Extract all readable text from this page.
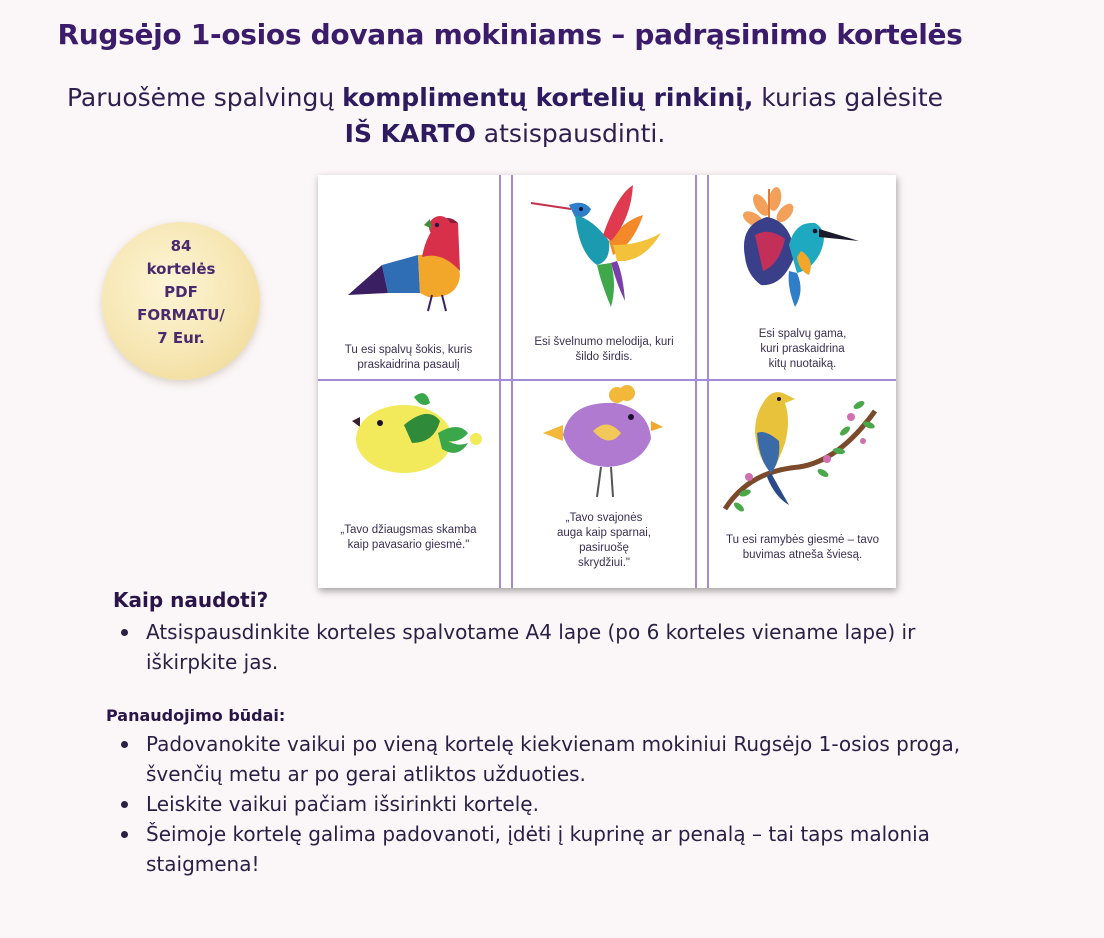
Rugsėjo 1-osios dovana mokiniams – padrąsinimo kortelės
Paruošėme spalvingų komplimentų kortelių rinkinį, kurias galėsite
IŠ KARTO atsispausdinti.
84
kortelės
PDF
FORMATU/
7 Eur.
Tu esi spalvų šokis, kuris
praskaidrina pasaulį
Esi švelnumo melodija, kuri
šildo širdis.
Esi spalvų gama,
kuri praskaidrina
kitų nuotaiką.
„Tavo džiaugsmas skamba
kaip pavasario giesmė."
„Tavo svajonės
auga kaip sparnai,
pasiruošę
skrydžiui."
Tu esi ramybės giesmė – tavo
buvimas atneša šviesą.
Kaip naudoti?
Atsispausdinkite korteles spalvotame A4 lape (po 6 korteles viename lape) ir iškirpkite jas.
Panaudojimo būdai:
Padovanokite vaikui po vieną kortelę kiekvienam mokiniui Rugsėjo 1-osios proga, švenčių metu ar po gerai atliktos užduoties.
Leiskite vaikui pačiam išsirinkti kortelę.
Šeimoje kortelę galima padovanoti, įdėti į kuprinę ar penalą – tai taps malonia staigmena!
